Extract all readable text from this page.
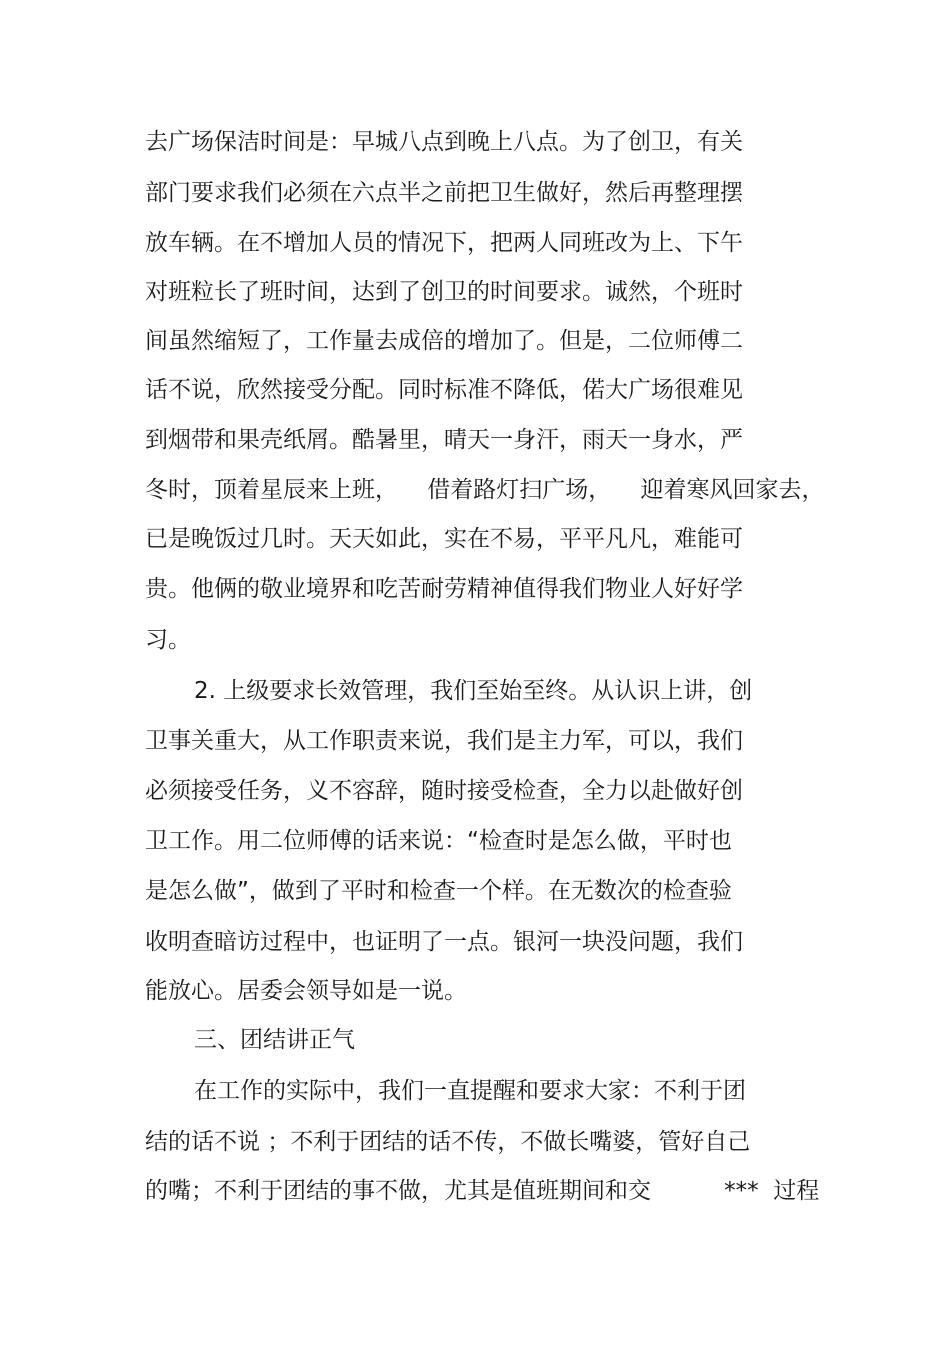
去广场保洁时间是：早城八点到晚上八点。为了创卫，有关
部门要求我们必须在六点半之前把卫生做好，然后再整理摆
放车辆。在不增加人员的情况下，把两人同班改为上、下午
对班粒长了班时间，达到了创卫的时间要求。诚然，个班时
间虽然缩短了，工作量去成倍的增加了。但是，二位师傅二
话不说，欣然接受分配。同时标准不降低，偌大广场很难见
到烟带和果壳纸屑。酷暑里，晴天一身汗，雨天一身水，严
冬时，顶着星辰来上班，    借着路灯扫广场，    迎着寒风回家去，
已是晚饭过几时。天天如此，实在不易，平平凡凡，难能可
贵。他俩的敬业境界和吃苦耐劳精神值得我们物业人好好学
习。
2. 上级要求长效管理，我们至始至终。从认识上讲，创
卫事关重大，从工作职责来说，我们是主力军，可以，我们
必须接受任务，义不容辞，随时接受检查，全力以赴做好创
卫工作。用二位师傅的话来说：“检查时是怎么做，平时也
是怎么做”，做到了平时和检查一个样。在无数次的检查验
收明查暗访过程中，也证明了一点。银河一块没问题，我们
能放心。居委会领导如是一说。
三、团结讲正气
在工作的实际中，我们一直提醒和要求大家：不利于团
结的话不说 ；不利于团结的话不传，不做长嘴婆，管好自己
的嘴；不利于团结的事不做，尤其是值班期间和交          ***  过程
